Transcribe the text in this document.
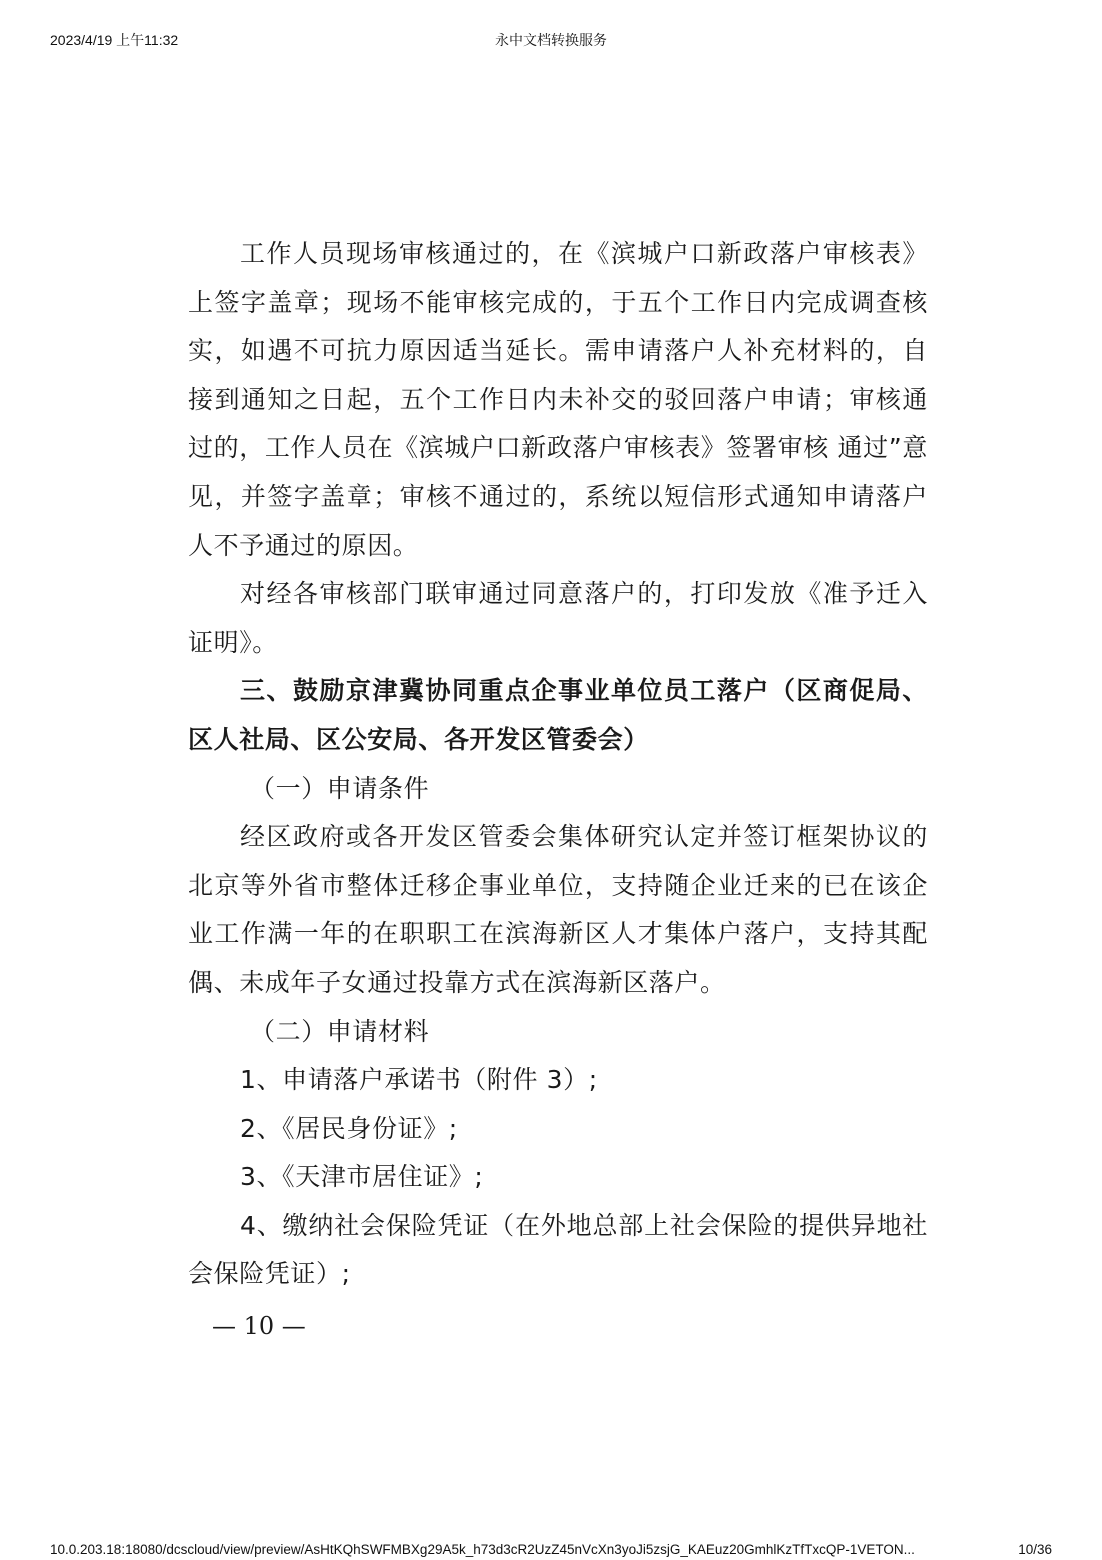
2023/4/19 上午11:32	永中文档转换服务

工作人员现场审核通过的，在《滨城户口新政落户审核表》上签字盖章；现场不能审核完成的，于五个工作日内完成调查核实，如遇不可抗力原因适当延长。需申请落户人补充材料的，自接到通知之日起，五个工作日内未补交的驳回落户申请；审核通过的，工作人员在《滨城户口新政落户审核表》签署审核 通过”意见，并签字盖章；审核不通过的，系统以短信形式通知申请落户人不予通过的原因。

对经各审核部门联审通过同意落户的，打印发放《准予迁入证明》。

三、鼓励京津冀协同重点企事业单位员工落户（区商促局、区人社局、区公安局、各开发区管委会）

（一）申请条件

经区政府或各开发区管委会集体研究认定并签订框架协议的北京等外省市整体迁移企事业单位，支持随企业迁来的已在该企业工作满一年的在职职工在滨海新区人才集体户落户，支持其配偶、未成年子女通过投靠方式在滨海新区落户。

（二）申请材料

1、申请落户承诺书（附件 3）;

2、《居民身份证》;

3、《天津市居住证》;

4、缴纳社会保险凭证（在外地总部上社会保险的提供异地社会保险凭证）;

— 10 —
10.0.203.18:18080/dcscloud/view/preview/AsHtKQhSWFMBXg29A5k_h73d3cR2UzZ45nVcXn3yoJi5zsjG_KAEuz20GmhlKzTfTxcQP-1VETON...	10/36
